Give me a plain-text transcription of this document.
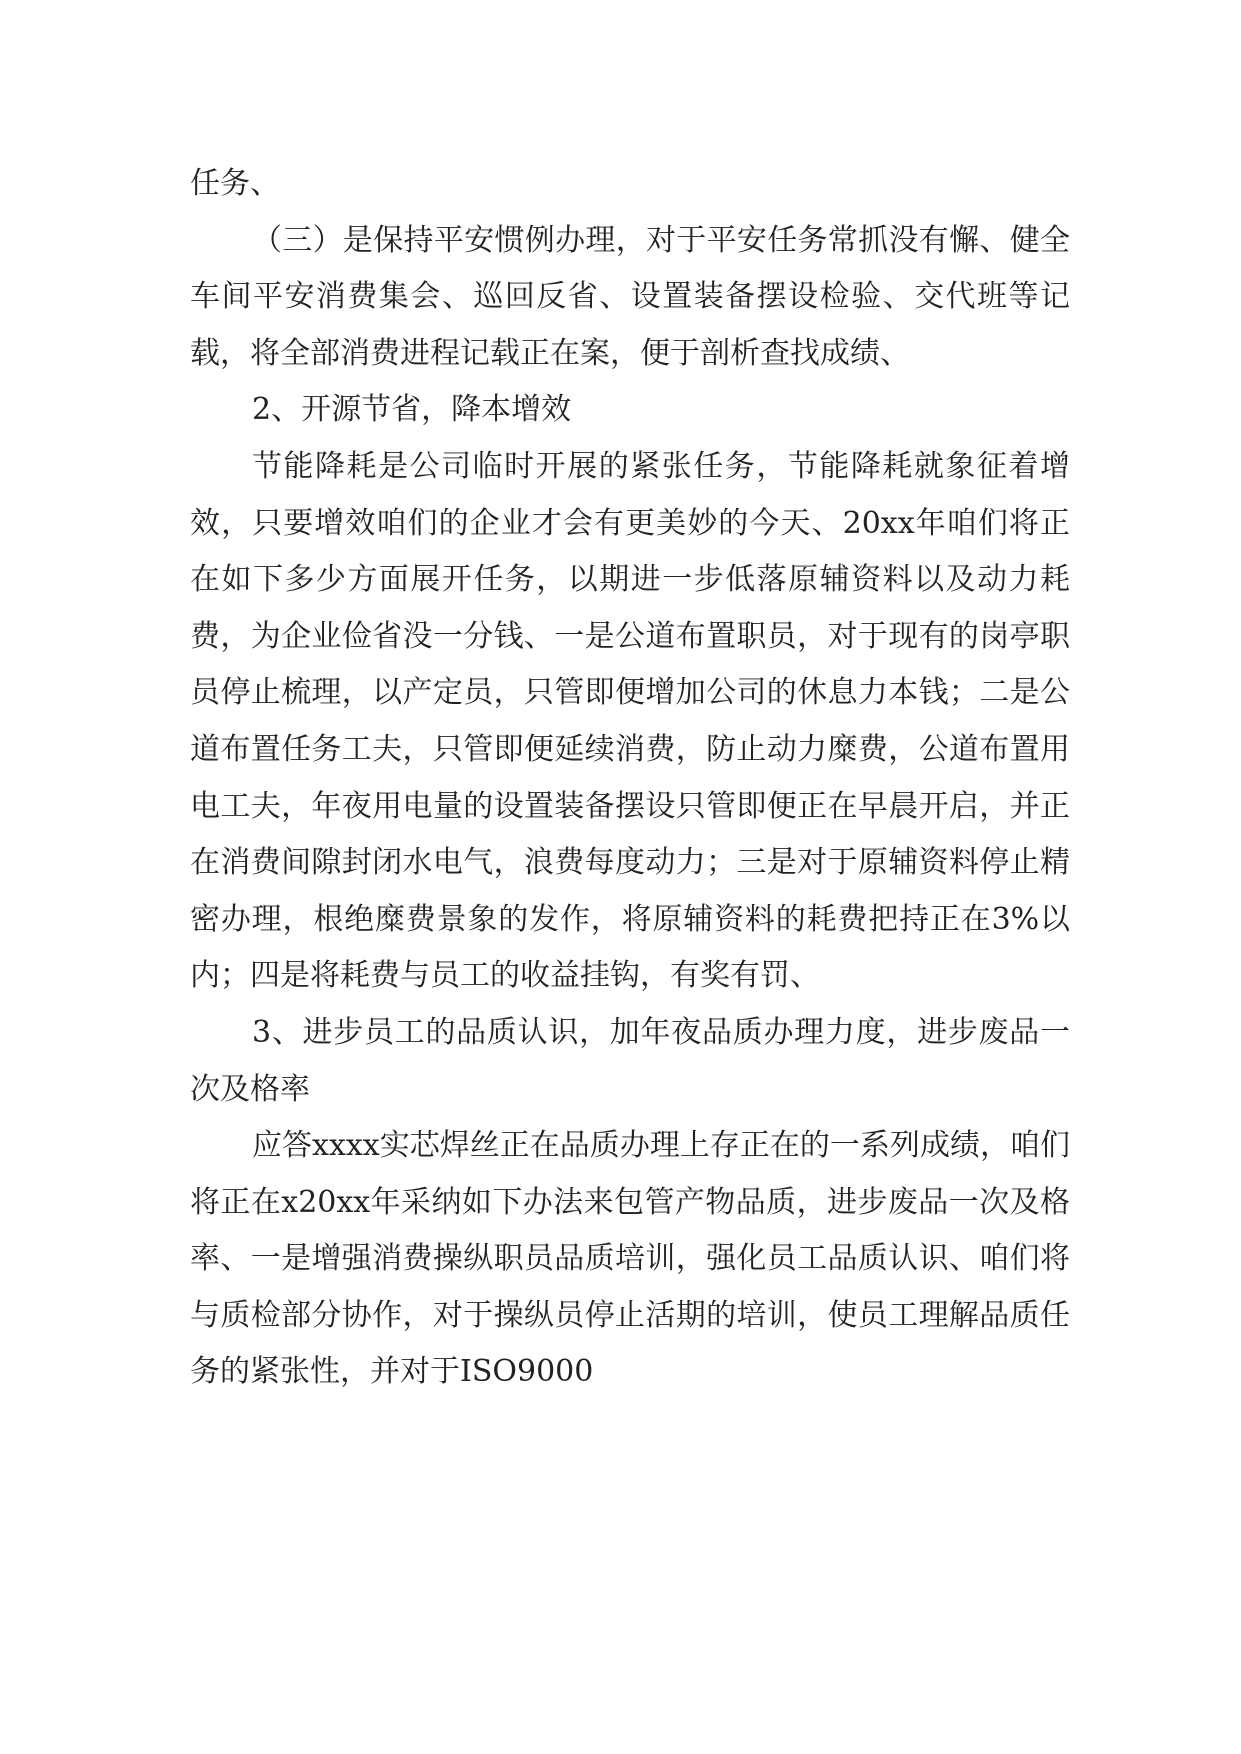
任务、

（三）是保持平安惯例办理，对于平安任务常抓没有懈、健全车间平安消费集会、巡回反省、设置装备摆设检验、交代班等记载，将全部消费进程记载正在案，便于剖析查找成绩、

2、开源节省，降本增效

节能降耗是公司临时开展的紧张任务，节能降耗就象征着增效，只要增效咱们的企业才会有更美妙的今天、20xx年咱们将正在如下多少方面展开任务，以期进一步低落原辅资料以及动力耗费，为企业俭省没一分钱、一是公道布置职员，对于现有的岗亭职员停止梳理，以产定员，只管即便增加公司的休息力本钱；二是公道布置任务工夫，只管即便延续消费，防止动力糜费，公道布置用电工夫，年夜用电量的设置装备摆设只管即便正在早晨开启，并正在消费间隙封闭水电气，浪费每度动力；三是对于原辅资料停止精密办理，根绝糜费景象的发作，将原辅资料的耗费把持正在3%以内；四是将耗费与员工的收益挂钩，有奖有罚、

3、进步员工的品质认识，加年夜品质办理力度，进步废品一次及格率

应答xxxx实芯焊丝正在品质办理上存正在的一系列成绩，咱们将正在x20xx年采纳如下办法来包管产物品质，进步废品一次及格率、一是增强消费操纵职员品质培训，强化员工品质认识、咱们将与质检部分协作，对于操纵员停止活期的培训，使员工理解品质任务的紧张性，并对于ISO9000
